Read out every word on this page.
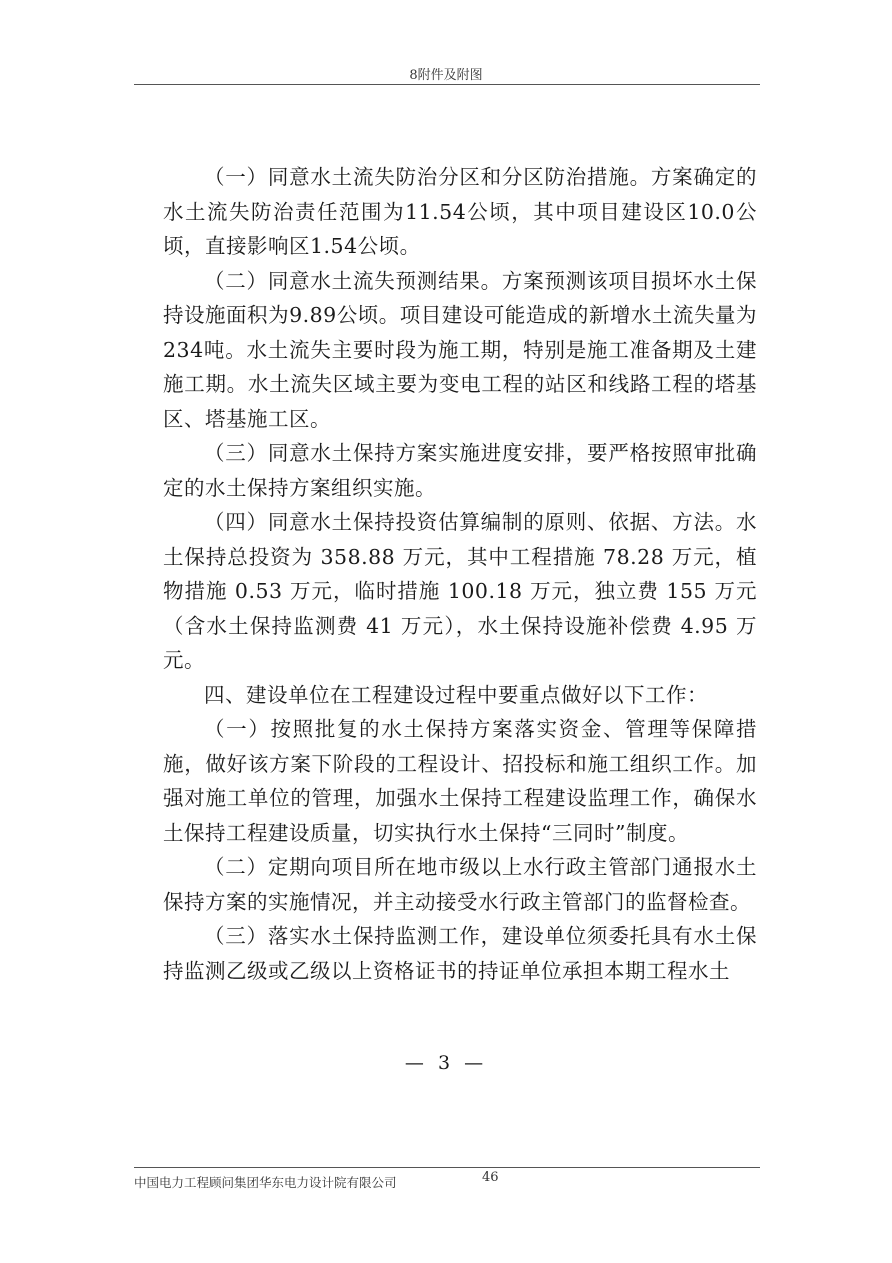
8附件及附图

（一）同意水土流失防治分区和分区防治措施。方案确定的水土流失防治责任范围为11.54公顷，其中项目建设区10.0公顷，直接影响区1.54公顷。

（二）同意水土流失预测结果。方案预测该项目损坏水土保持设施面积为9.89公顷。项目建设可能造成的新增水土流失量为234吨。水土流失主要时段为施工期，特别是施工准备期及土建施工期。水土流失区域主要为变电工程的站区和线路工程的塔基区、塔基施工区。

（三）同意水土保持方案实施进度安排，要严格按照审批确定的水土保持方案组织实施。

（四）同意水土保持投资估算编制的原则、依据、方法。水土保持总投资为 358.88 万元，其中工程措施 78.28 万元，植物措施 0.53 万元，临时措施 100.18 万元，独立费 155 万元（含水土保持监测费 41 万元），水土保持设施补偿费 4.95 万元。

四、建设单位在工程建设过程中要重点做好以下工作：

（一）按照批复的水土保持方案落实资金、管理等保障措施，做好该方案下阶段的工程设计、招投标和施工组织工作。加强对施工单位的管理，加强水土保持工程建设监理工作，确保水土保持工程建设质量，切实执行水土保持“三同时”制度。

（二）定期向项目所在地市级以上水行政主管部门通报水土保持方案的实施情况，并主动接受水行政主管部门的监督检查。

（三）落实水土保持监测工作，建设单位须委托具有水土保持监测乙级或乙级以上资格证书的持证单位承担本期工程水土

— 3 —
中国电力工程顾问集团华东电力设计院有限公司	46
